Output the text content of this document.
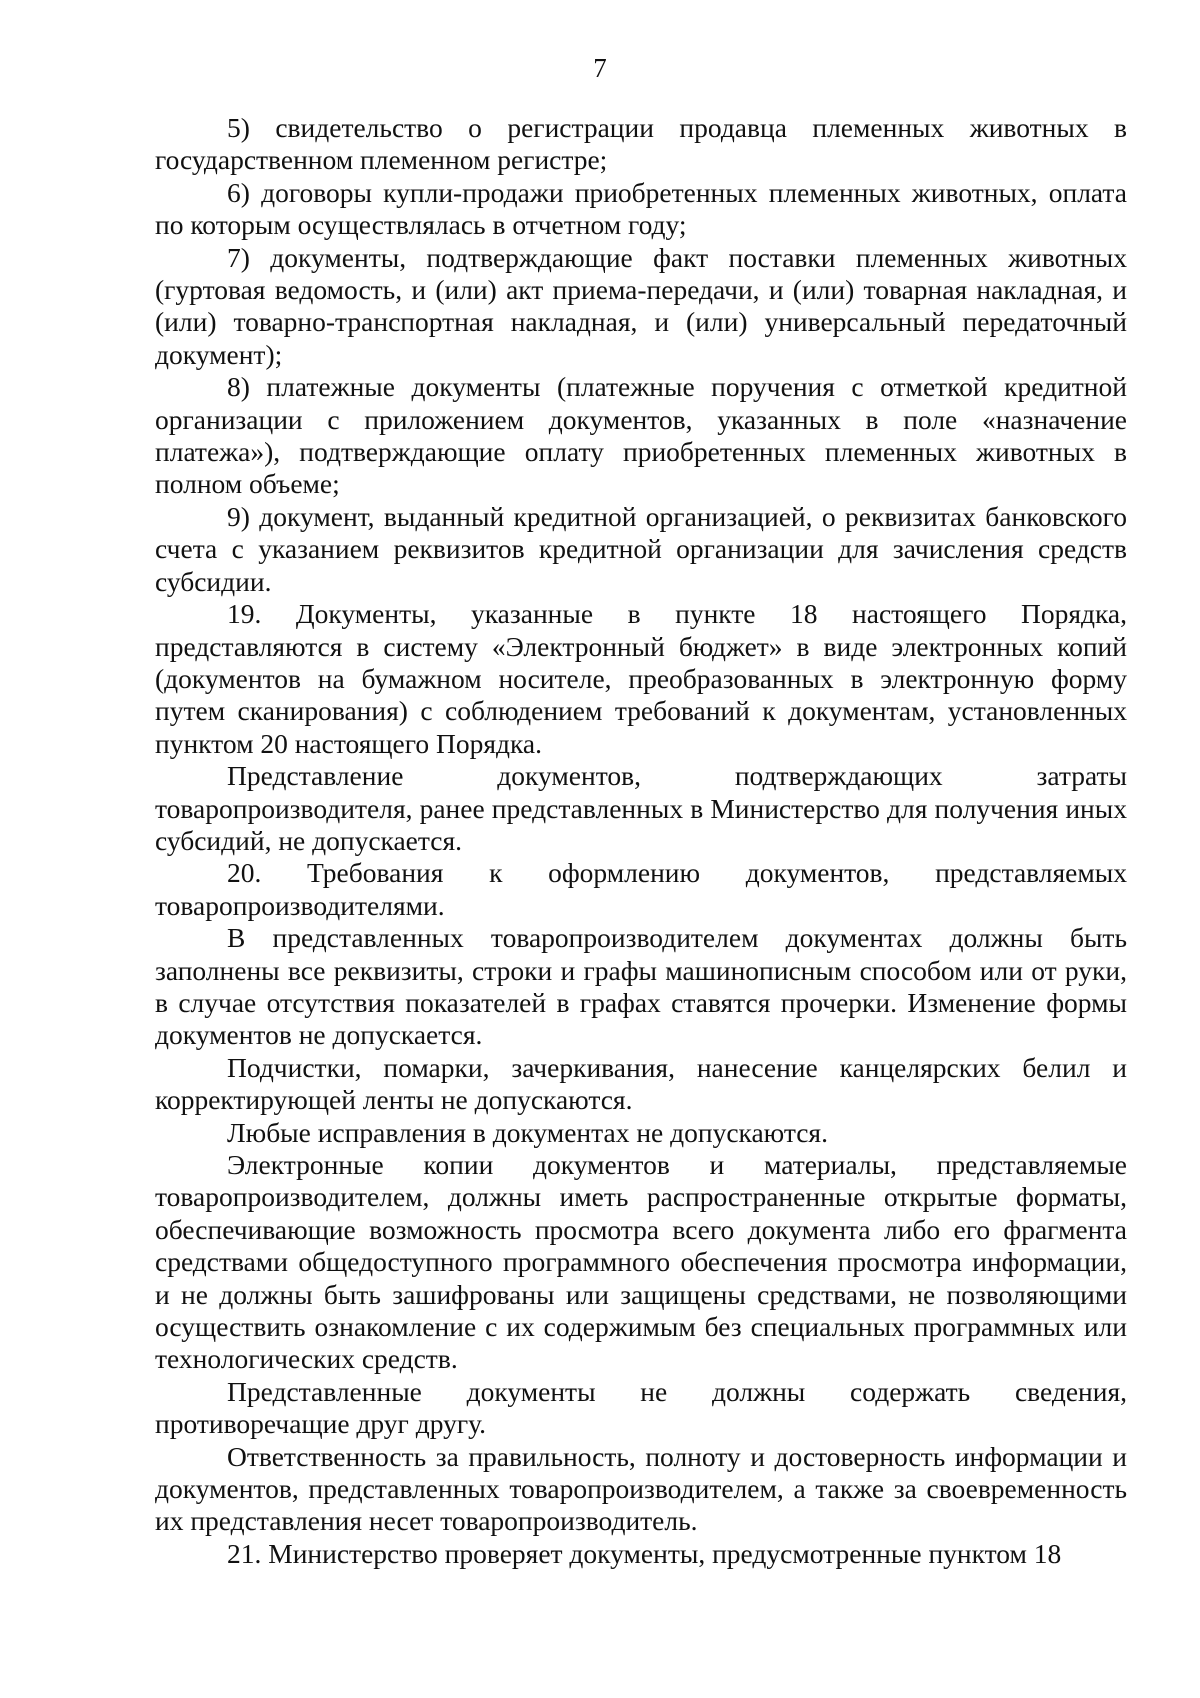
7

5) свидетельство о регистрации продавца племенных животных в государственном племенном регистре;

6) договоры купли-продажи приобретенных племенных животных, оплата по которым осуществлялась в отчетном году;

7) документы, подтверждающие факт поставки племенных животных (гуртовая ведомость, и (или) акт приема-передачи, и (или) товарная накладная, и (или) товарно-транспортная накладная, и (или) универсальный передаточный документ);

8) платежные документы (платежные поручения с отметкой кредитной организации с приложением документов, указанных в поле «назначение платежа»), подтверждающие оплату приобретенных племенных животных в полном объеме;

9) документ, выданный кредитной организацией, о реквизитах банковского счета с указанием реквизитов кредитной организации для зачисления средств субсидии.

19. Документы, указанные в пункте 18 настоящего Порядка, представляются в систему «Электронный бюджет» в виде электронных копий (документов на бумажном носителе, преобразованных в электронную форму путем сканирования) с соблюдением требований к документам, установленных пунктом 20 настоящего Порядка.

Представление документов, подтверждающих затраты товаропроизводителя, ранее представленных в Министерство для получения иных субсидий, не допускается.

20. Требования к оформлению документов, представляемых товаропроизводителями.

В представленных товаропроизводителем документах должны быть заполнены все реквизиты, строки и графы машинописным способом или от руки, в случае отсутствия показателей в графах ставятся прочерки. Изменение формы документов не допускается.

Подчистки, помарки, зачеркивания, нанесение канцелярских белил и корректирующей ленты не допускаются.

Любые исправления в документах не допускаются.

Электронные копии документов и материалы, представляемые товаропроизводителем, должны иметь распространенные открытые форматы, обеспечивающие возможность просмотра всего документа либо его фрагмента средствами общедоступного программного обеспечения просмотра информации, и не должны быть зашифрованы или защищены средствами, не позволяющими осуществить ознакомление с их содержимым без специальных программных или технологических средств.

Представленные документы не должны содержать сведения, противоречащие друг другу.

Ответственность за правильность, полноту и достоверность информации и документов, представленных товаропроизводителем, а также за своевременность их представления несет товаропроизводитель.

21. Министерство проверяет документы, предусмотренные пунктом 18
